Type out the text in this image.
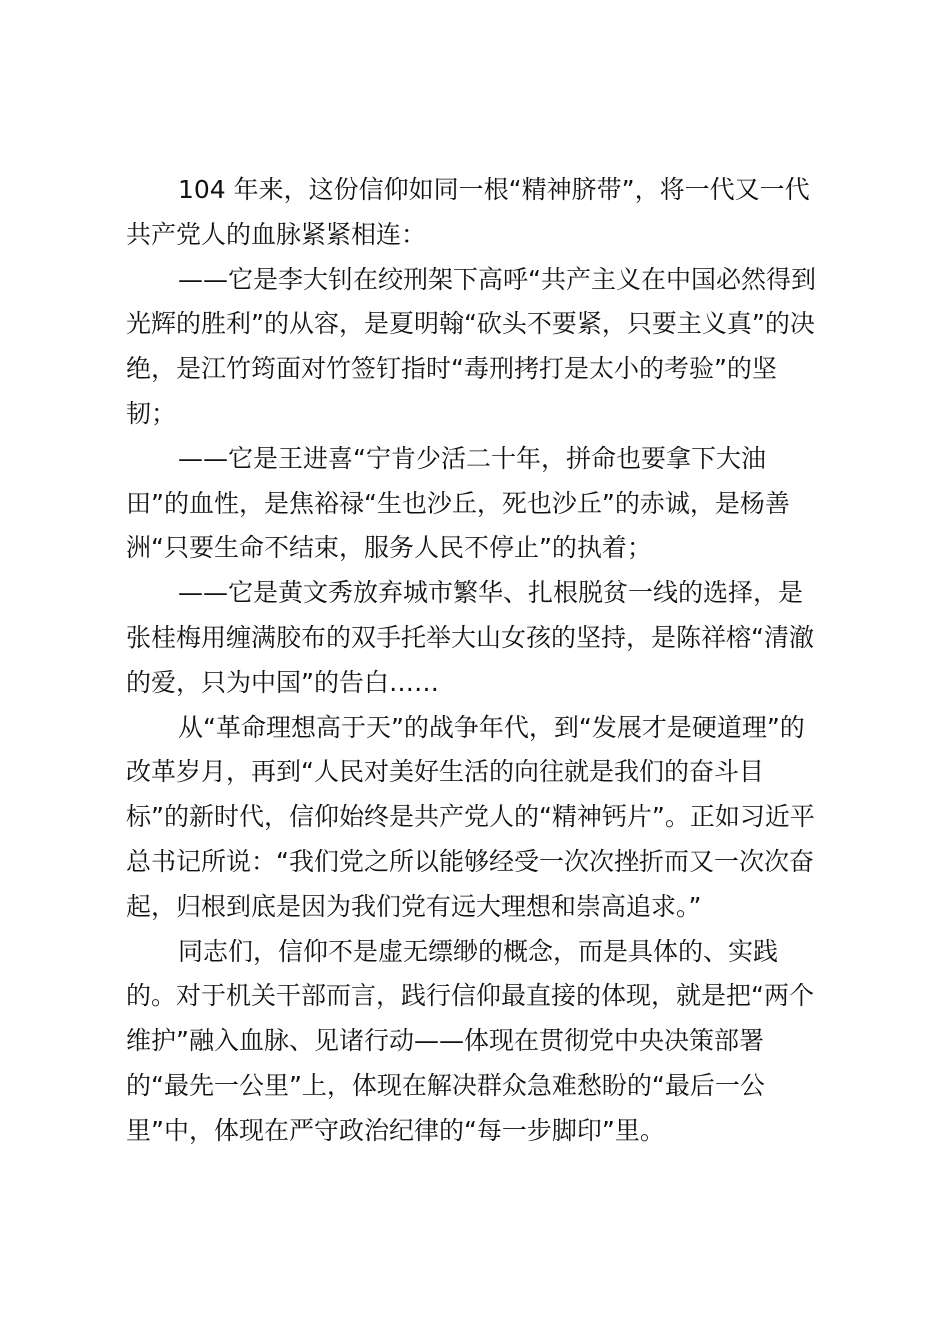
104 年来，这份信仰如同一根“精神脐带”，将一代又一代
共产党人的血脉紧紧相连：
——它是李大钊在绞刑架下高呼“共产主义在中国必然得到
光辉的胜利”的从容，是夏明翰“砍头不要紧，只要主义真”的决
绝，是江竹筠面对竹签钉指时“毒刑拷打是太小的考验”的坚
韧；
——它是王进喜“宁肯少活二十年，拼命也要拿下大油
田”的血性，是焦裕禄“生也沙丘，死也沙丘”的赤诚，是杨善
洲“只要生命不结束，服务人民不停止”的执着；
——它是黄文秀放弃城市繁华、扎根脱贫一线的选择，是
张桂梅用缠满胶布的双手托举大山女孩的坚持，是陈祥榕“清澈
的爱，只为中国”的告白……
从“革命理想高于天”的战争年代，到“发展才是硬道理”的
改革岁月，再到“人民对美好生活的向往就是我们的奋斗目
标”的新时代，信仰始终是共产党人的“精神钙片”。正如习近平
总书记所说：“我们党之所以能够经受一次次挫折而又一次次奋
起，归根到底是因为我们党有远大理想和崇高追求。”
同志们，信仰不是虚无缥缈的概念，而是具体的、实践
的。对于机关干部而言，践行信仰最直接的体现，就是把“两个
维护”融入血脉、见诸行动——体现在贯彻党中央决策部署
的“最先一公里”上，体现在解决群众急难愁盼的“最后一公
里”中，体现在严守政治纪律的“每一步脚印”里。
